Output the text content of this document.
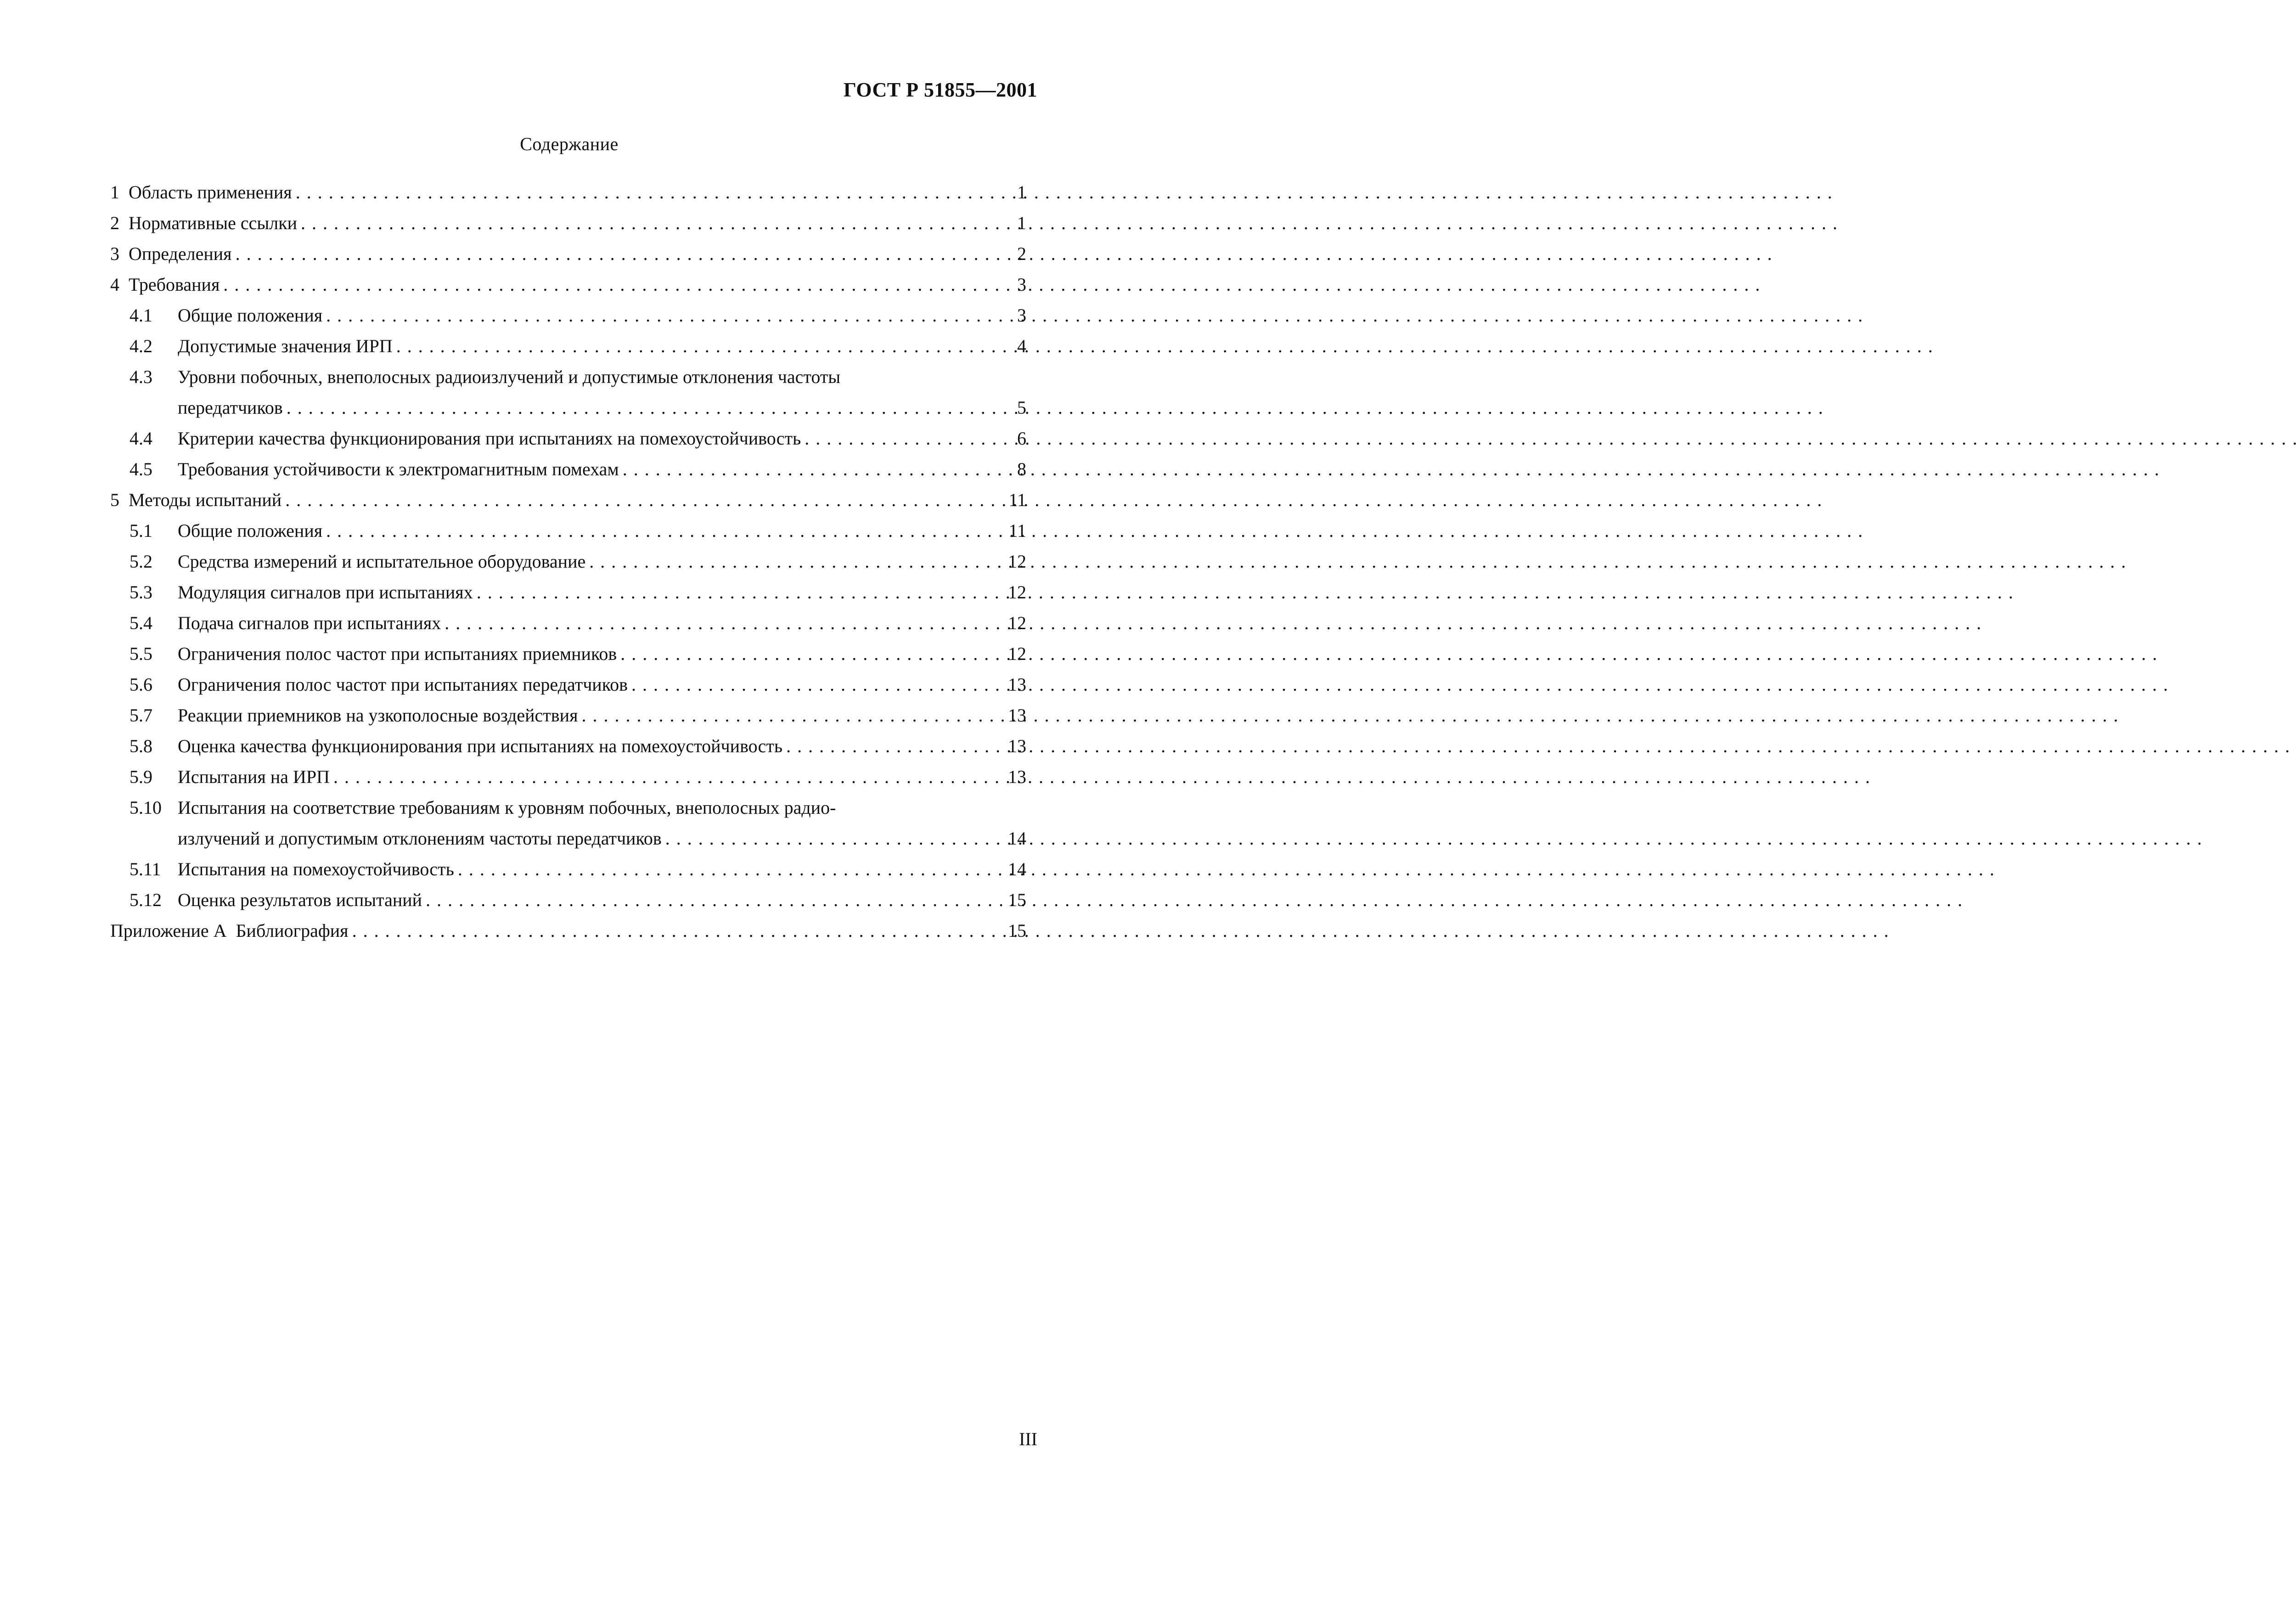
ГОСТ Р 51855—2001
Содержание
1 Область применения . . .	1
2 Нормативные ссылки . . .	1
3 Определения . . .	2
4 Требования . . .	3
4.1	Общие положения . . .	3
4.2	Допустимые значения ИРП . . .	4
4.3	Уровни побочных, внеполосных радиоизлучений и допустимые отклонения частоты
передатчиков . . .	5
4.4	Критерии качества функционирования при испытаниях на помехоустойчивость . . .	6
4.5	Требования устойчивости к электромагнитным помехам . . .	8
5 Методы испытаний . . .	11
5.1	Общие положения . . .	11
5.2	Средства измерений и испытательное оборудование . . .	12
5.3	Модуляция сигналов при испытаниях . . .	12
5.4	Подача сигналов при испытаниях . . .	12
5.5	Ограничения полос частот при испытаниях приемников . . .	12
5.6	Ограничения полос частот при испытаниях передатчиков . . .	13
5.7	Реакции приемников на узкополосные воздействия . . .	13
5.8	Оценка качества функционирования при испытаниях на помехоустойчивость . . .	13
5.9	Испытания на ИРП . . .	13
5.10 Испытания на соответствие требованиям к уровням побочных, внеполосных радио-
излучений и допустимым отклонениям частоты передатчиков . . .	14
5.11 Испытания на помехоустойчивость . . .	14
5.12 Оценка результатов испытаний . . .	15
Приложение А  Библиография . . .	15
III
